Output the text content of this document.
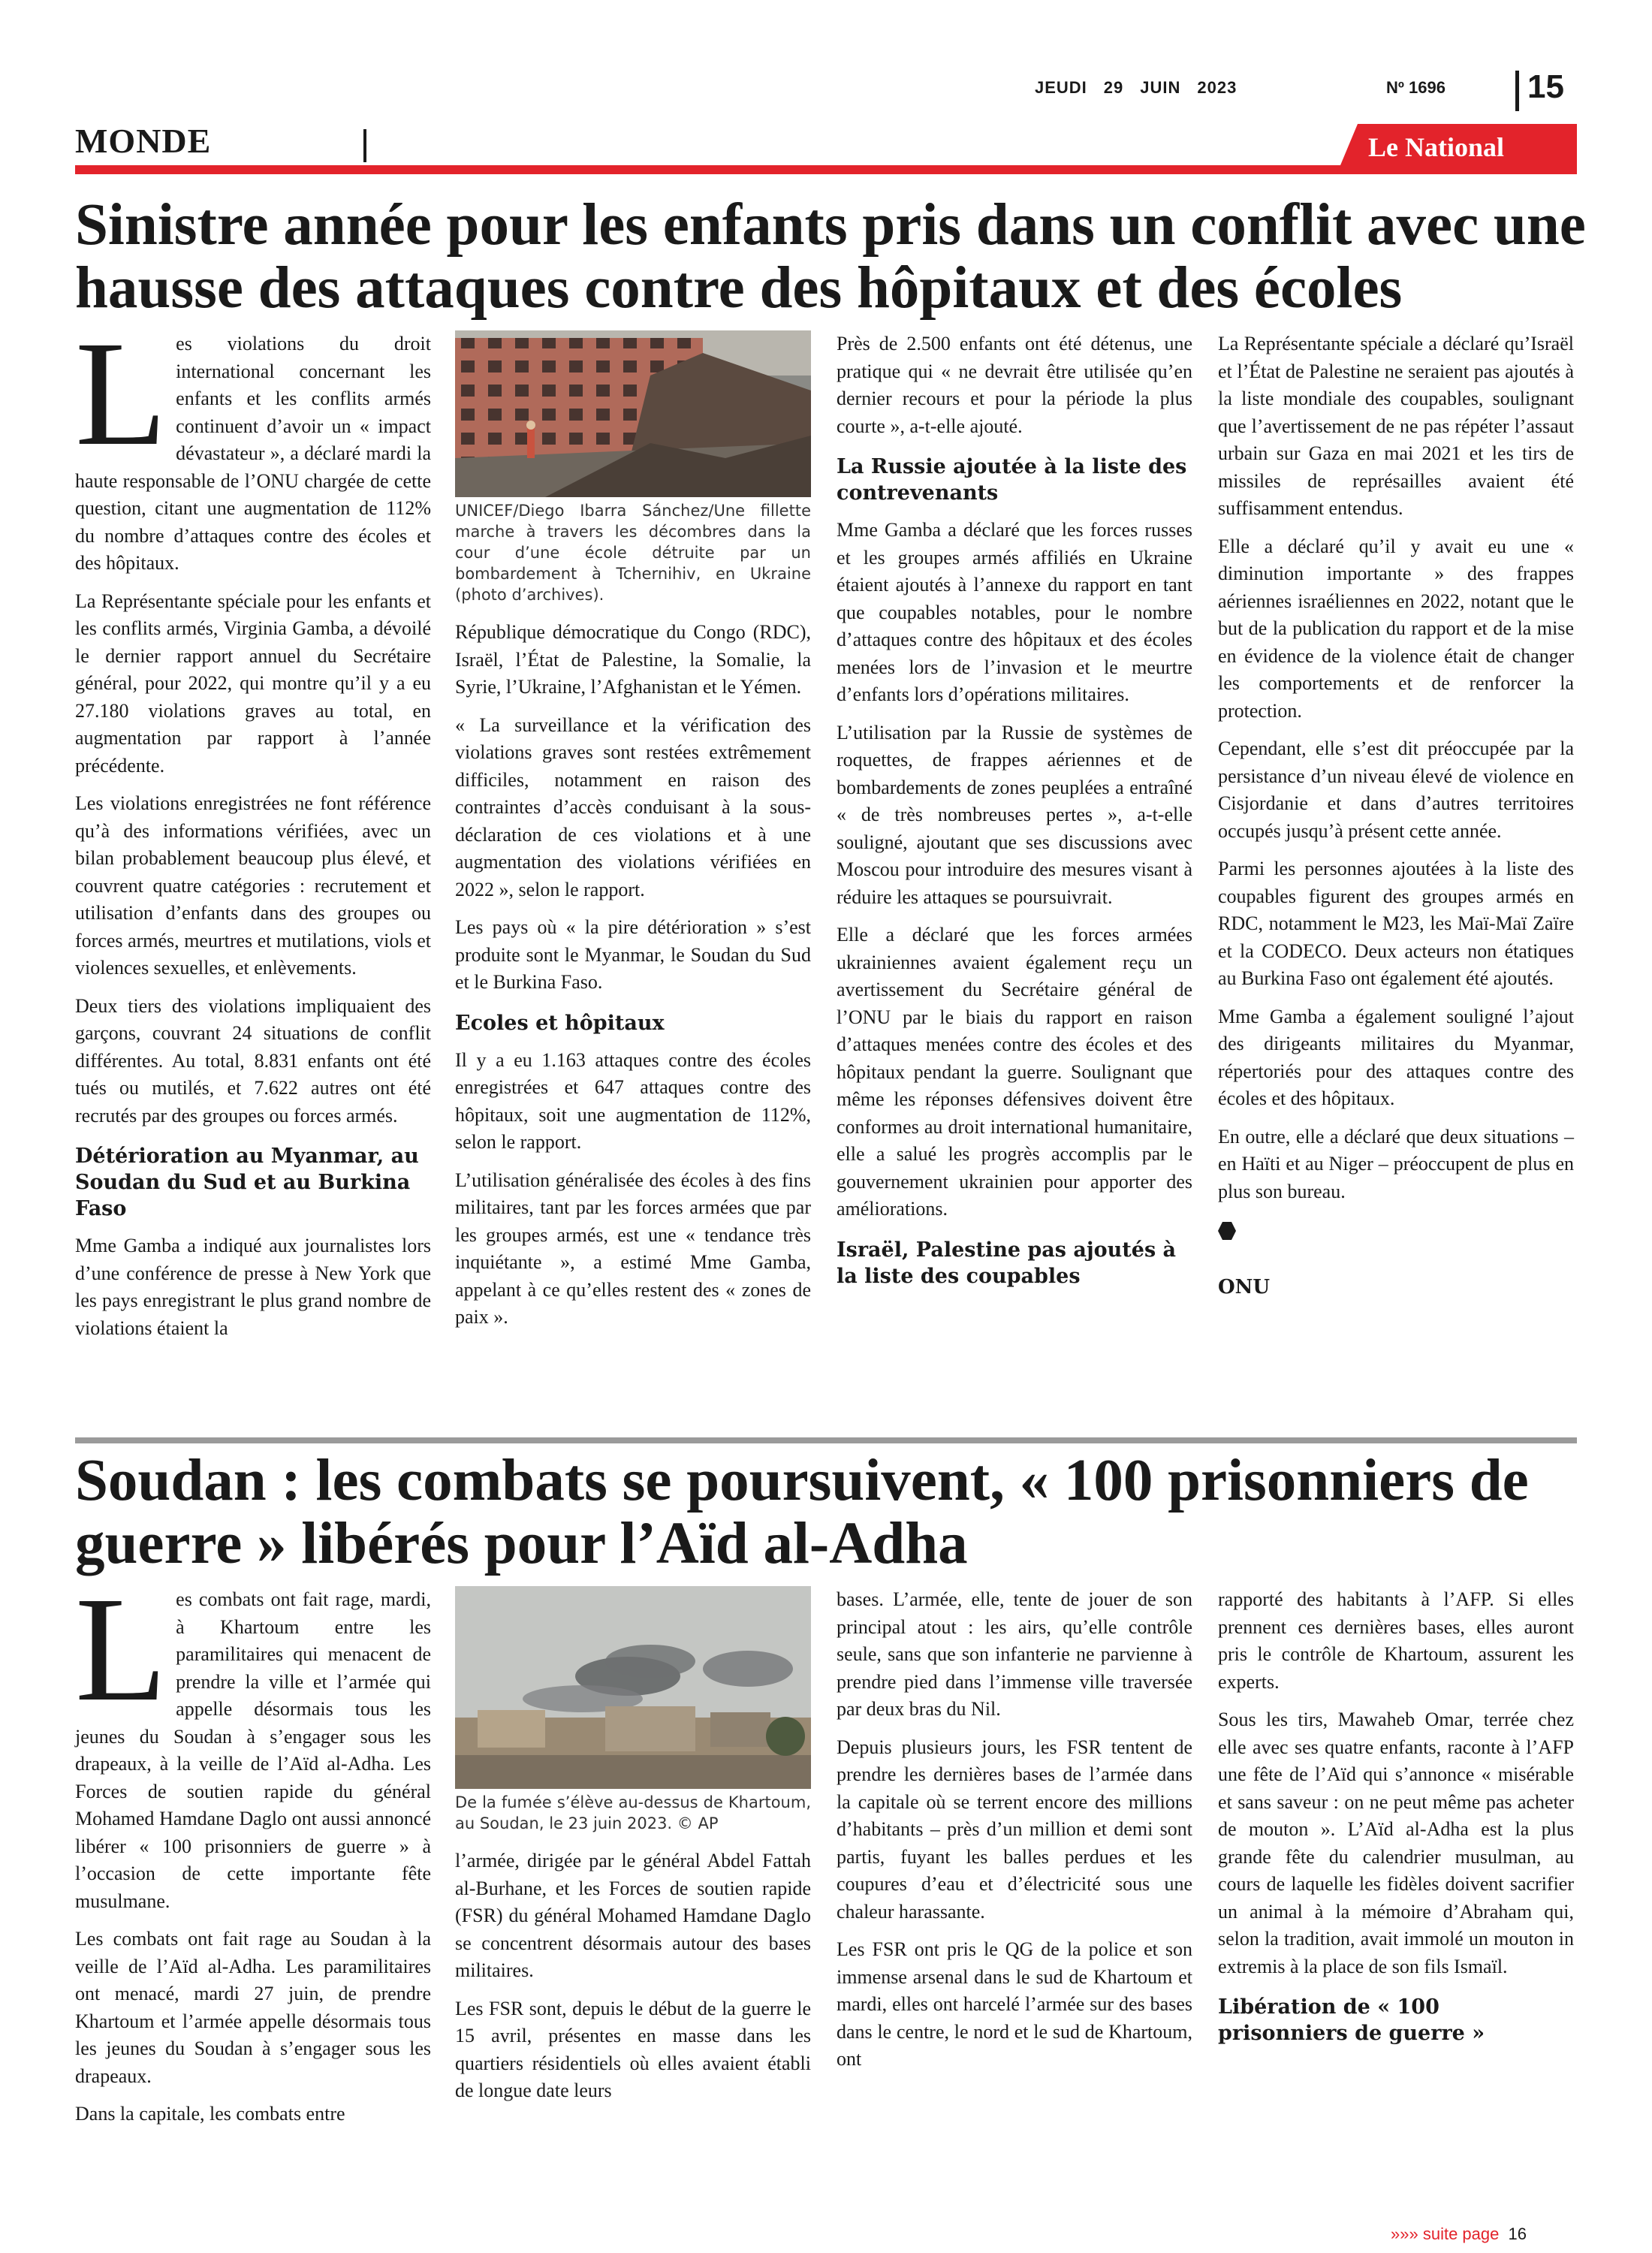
JEUDI 29 JUIN 2023	Nº 1696 15
MONDE	Le National
Sinistre année pour les enfants pris dans un conflit avec une
hausse des attaques contre des hôpitaux et des écoles

Les violations du droit international concernant les enfants et les conflits armés continuent d’avoir un « impact dévastateur », a déclaré mardi la haute responsable de l’ONU chargée de cette question, citant une augmentation de 112% du nombre d’attaques contre des écoles et des hôpitaux.

La Représentante spéciale pour les enfants et les conflits armés, Virginia Gamba, a dévoilé le dernier rapport annuel du Secrétaire général, pour 2022, qui montre qu’il y a eu 27.180 violations graves au total, en augmentation par rapport à l’année précédente.

Les violations enregistrées ne font référence qu’à des informations vérifiées, avec un bilan probablement beaucoup plus élevé, et couvrent quatre catégories : recrutement et utilisation d’enfants dans des groupes ou forces armés, meurtres et mutilations, viols et violences sexuelles, et enlèvements.

Deux tiers des violations impliquaient des garçons, couvrant 24 situations de conflit différentes. Au total, 8.831 enfants ont été tués ou mutilés, et 7.622 autres ont été recrutés par des groupes ou forces armés.

Détérioration au Myanmar, au Soudan du Sud et au Burkina Faso

Mme Gamba a indiqué aux journalistes lors d’une conférence de presse à New York que les pays enregistrant le plus grand nombre de violations étaient la

UNICEF/Diego Ibarra Sánchez/Une fillette marche à travers les décombres dans la cour d’une école détruite par un bombardement à Tchernihiv, en Ukraine (photo d’archives).

République démocratique du Congo (RDC), Israël, l’État de Palestine, la Somalie, la Syrie, l’Ukraine, l’Afghanistan et le Yémen.

« La surveillance et la vérification des violations graves sont restées extrêmement difficiles, notamment en raison des contraintes d’accès conduisant à la sous-déclaration de ces violations et à une augmentation des violations vérifiées en 2022 », selon le rapport.

Les pays où « la pire détérioration » s’est produite sont le Myanmar, le Soudan du Sud et le Burkina Faso.

Ecoles et hôpitaux

Il y a eu 1.163 attaques contre des écoles enregistrées et 647 attaques contre des hôpitaux, soit une augmentation de 112%, selon le rapport.

L’utilisation généralisée des écoles à des fins militaires, tant par les forces armées que par les groupes armés, est une « tendance très inquiétante », a estimé Mme Gamba, appelant à ce qu’elles restent des « zones de paix ».

Près de 2.500 enfants ont été détenus, une pratique qui « ne devrait être utilisée qu’en dernier recours et pour la période la plus courte », a-t-elle ajouté.

La Russie ajoutée à la liste des contrevenants

Mme Gamba a déclaré que les forces russes et les groupes armés affiliés en Ukraine étaient ajoutés à l’annexe du rapport en tant que coupables notables, pour le nombre d’attaques contre des hôpitaux et des écoles menées lors de l’invasion et le meurtre d’enfants lors d’opérations militaires.

L’utilisation par la Russie de systèmes de roquettes, de frappes aériennes et de bombardements de zones peuplées a entraîné « de très nombreuses pertes », a-t-elle souligné, ajoutant que ses discussions avec Moscou pour introduire des mesures visant à réduire les attaques se poursuivrait.

Elle a déclaré que les forces armées ukrainiennes avaient également reçu un avertissement du Secrétaire général de l’ONU par le biais du rapport en raison d’attaques menées contre des écoles et des hôpitaux pendant la guerre. Soulignant que même les réponses défensives doivent être conformes au droit international humanitaire, elle a salué les progrès accomplis par le gouvernement ukrainien pour apporter des améliorations.

Israël, Palestine pas ajoutés à la liste des coupables

La Représentante spéciale a déclaré qu’Israël et l’État de Palestine ne seraient pas ajoutés à la liste mondiale des coupables, soulignant que l’avertissement de ne pas répéter l’assaut urbain sur Gaza en mai 2021 et les tirs de missiles de représailles avaient été suffisamment entendus.

Elle a déclaré qu’il y avait eu une « diminution importante » des frappes aériennes israéliennes en 2022, notant que le but de la publication du rapport et de la mise en évidence de la violence était de changer les comportements et de renforcer la protection.

Cependant, elle s’est dit préoccupée par la persistance d’un niveau élevé de violence en Cisjordanie et dans d’autres territoires occupés jusqu’à présent cette année.

Parmi les personnes ajoutées à la liste des coupables figurent des groupes armés en RDC, notamment le M23, les Maï-Maï Zaïre et la CODECO. Deux acteurs non étatiques au Burkina Faso ont également été ajoutés.

Mme Gamba a également souligné l’ajout des dirigeants militaires du Myanmar, répertoriés pour des attaques contre des écoles et des hôpitaux.

En outre, elle a déclaré que deux situations – en Haïti et au Niger – préoccupent de plus en plus son bureau.

ONU
Soudan : les combats se poursuivent, « 100 prisonniers de
guerre » libérés pour l’Aïd al-Adha

Les combats ont fait rage, mardi, à Khartoum entre les paramilitaires qui menacent de prendre la ville et l’armée qui appelle désormais tous les jeunes du Soudan à s’engager sous les drapeaux, à la veille de l’Aïd al-Adha. Les Forces de soutien rapide du général Mohamed Hamdane Daglo ont aussi annoncé libérer « 100 prisonniers de guerre » à l’occasion de cette importante fête musulmane.

Les combats ont fait rage au Soudan à la veille de l’Aïd al-Adha. Les paramilitaires ont menacé, mardi 27 juin, de prendre Khartoum et l’armée appelle désormais tous les jeunes du Soudan à s’engager sous les drapeaux.

Dans la capitale, les combats entre

De la fumée s’élève au-dessus de Khartoum, au Soudan, le 23 juin 2023. © AP

l’armée, dirigée par le général Abdel Fattah al-Burhane, et les Forces de soutien rapide (FSR) du général Mohamed Hamdane Daglo se concentrent désormais autour des bases militaires.

Les FSR sont, depuis le début de la guerre le 15 avril, présentes en masse dans les quartiers résidentiels où elles avaient établi de longue date leurs

bases. L’armée, elle, tente de jouer de son principal atout : les airs, qu’elle contrôle seule, sans que son infanterie ne parvienne à prendre pied dans l’immense ville traversée par deux bras du Nil.

Depuis plusieurs jours, les FSR tentent de prendre les dernières bases de l’armée dans la capitale où se terrent encore des millions d’habitants – près d’un million et demi sont partis, fuyant les balles perdues et les coupures d’eau et d’électricité sous une chaleur harassante.

Les FSR ont pris le QG de la police et son immense arsenal dans le sud de Khartoum et mardi, elles ont harcelé l’armée sur des bases dans le centre, le nord et le sud de Khartoum, ont

rapporté des habitants à l’AFP. Si elles prennent ces dernières bases, elles auront pris le contrôle de Khartoum, assurent les experts.

Sous les tirs, Mawaheb Omar, terrée chez elle avec ses quatre enfants, raconte à l’AFP une fête de l’Aïd qui s’annonce « misérable et sans saveur : on ne peut même pas acheter de mouton ». L’Aïd al-Adha est la plus grande fête du calendrier musulman, au cours de laquelle les fidèles doivent sacrifier un animal à la mémoire d’Abraham qui, selon la tradition, avait immolé un mouton in extremis à la place de son fils Ismaïl.

Libération de « 100 prisonniers de guerre »
»»» suite page 16
